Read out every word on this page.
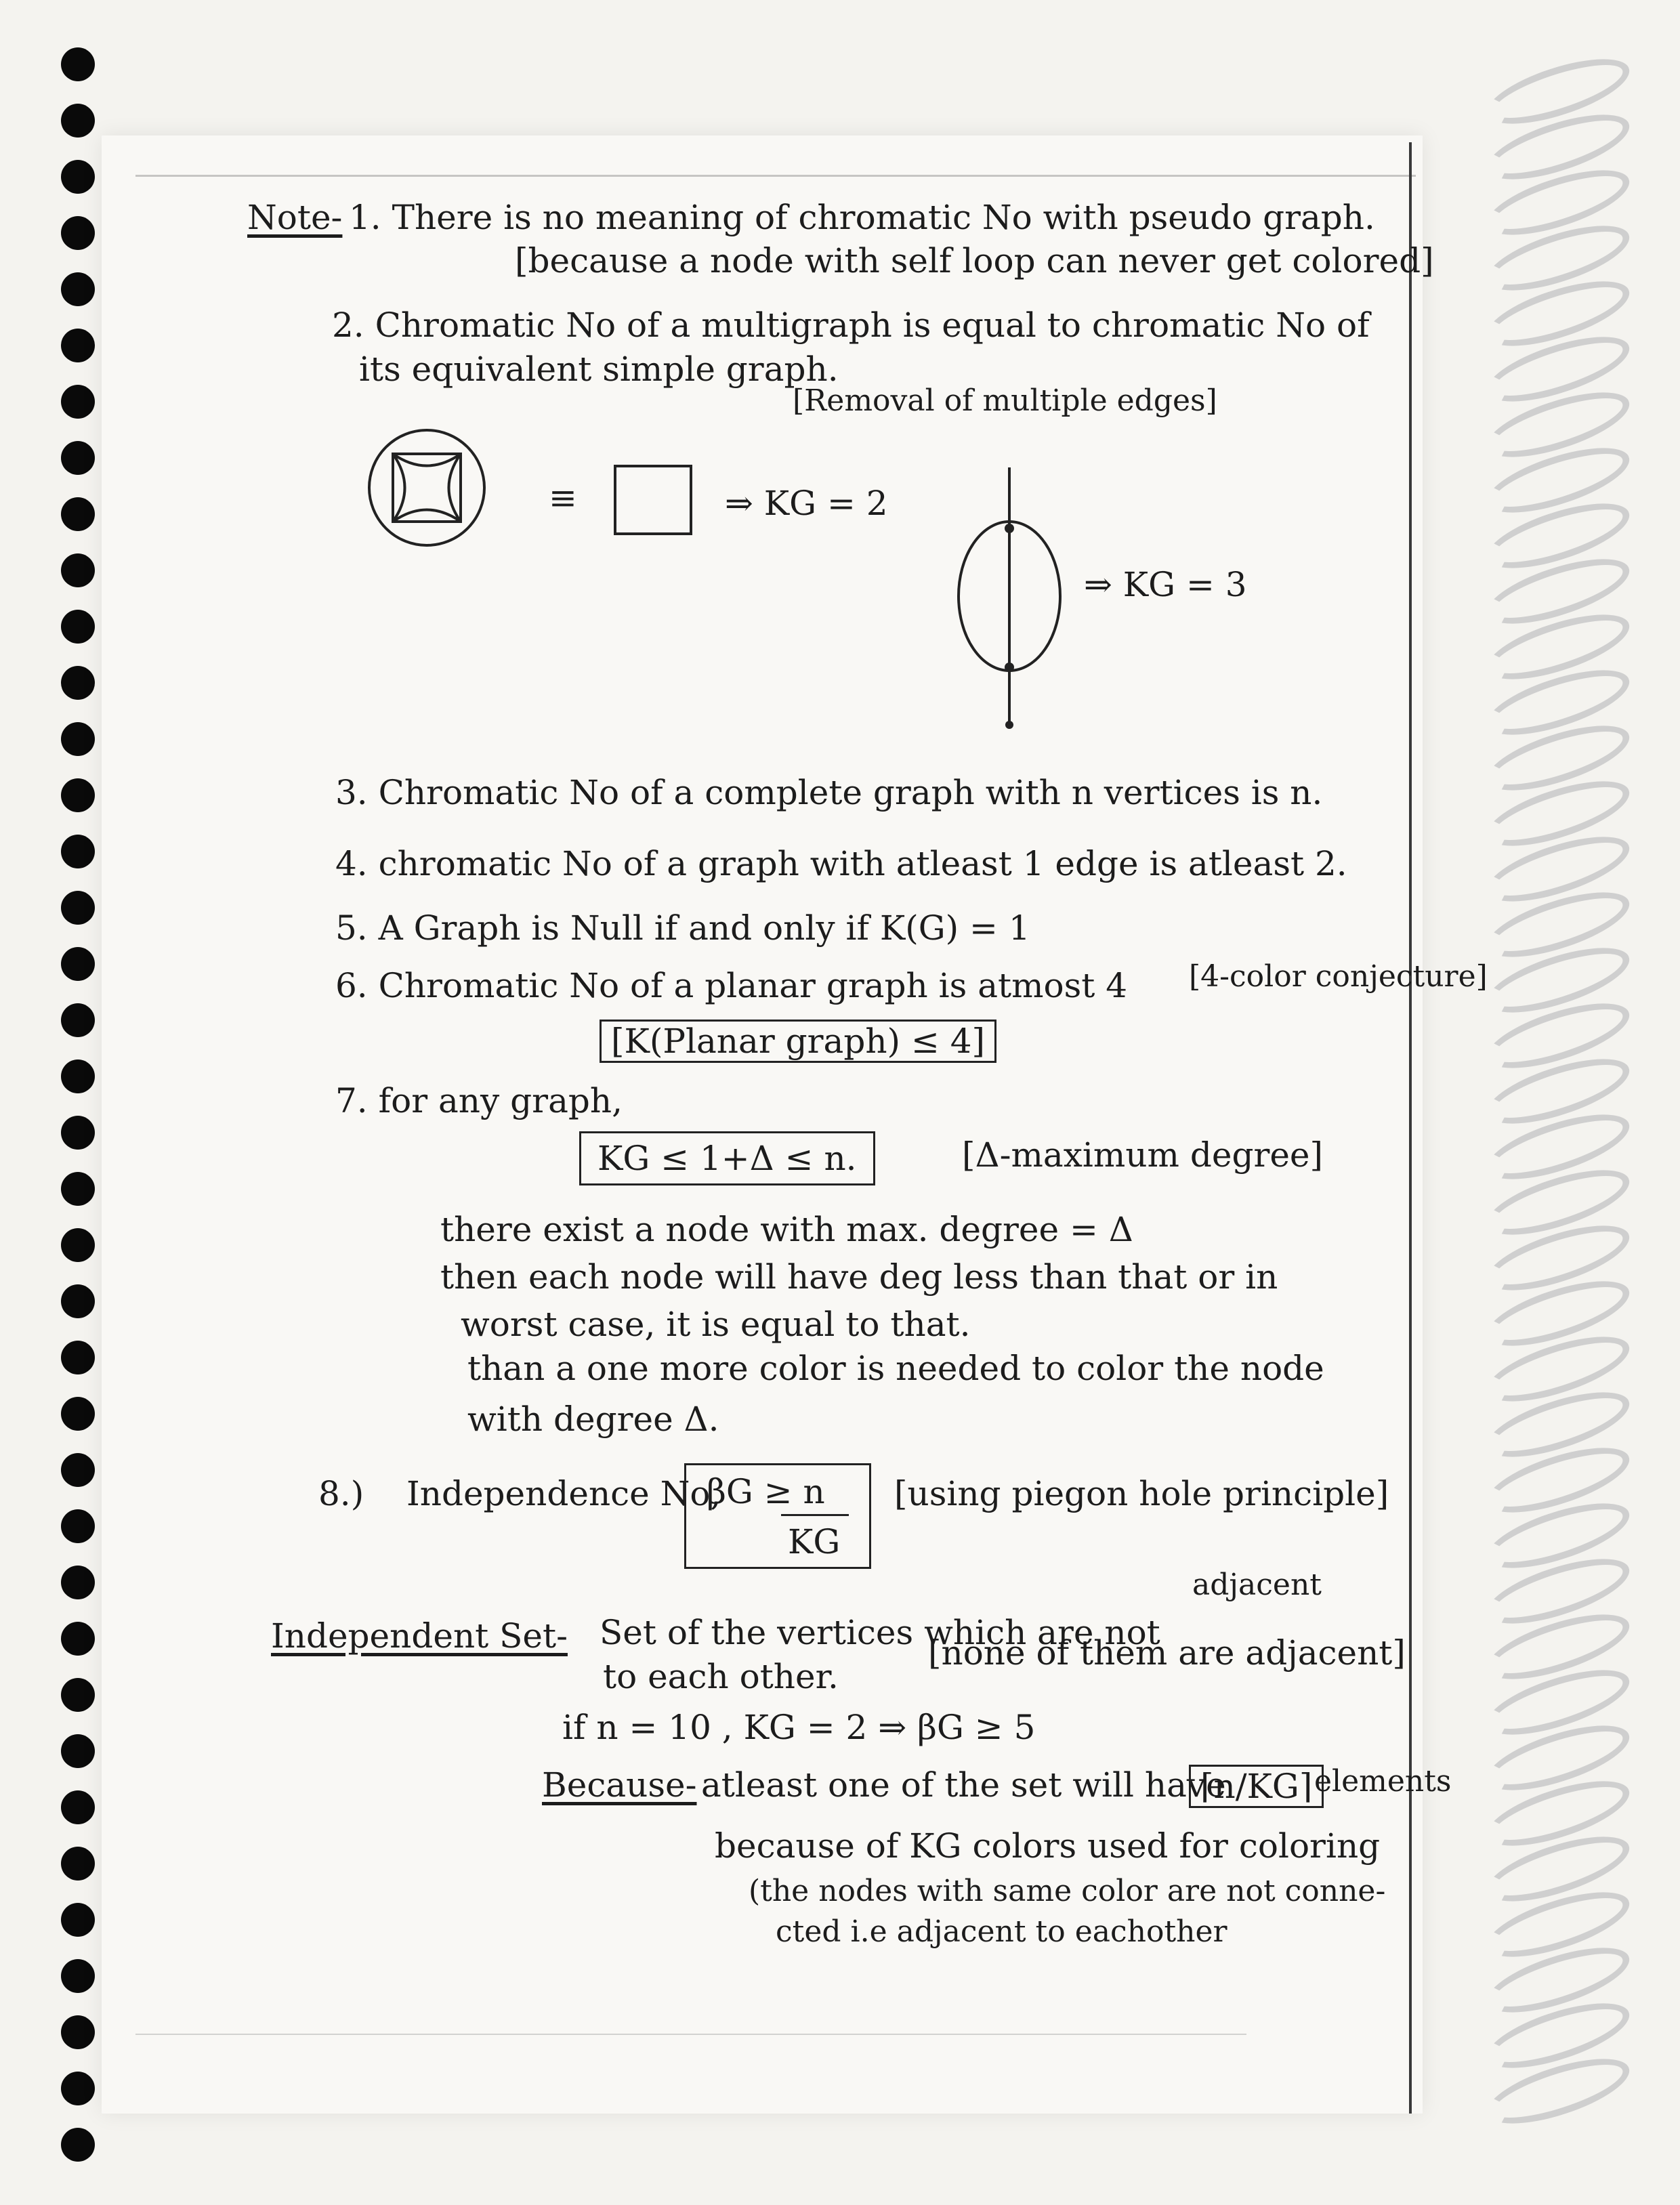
Note- 1. There is no meaning of chromatic No with pseudo graph.
[because a node with self loop can never get colored]
2. Chromatic No of a multigraph is equal to chromatic No of
its equivalent simple graph.
[Removal of multiple edges]
≡	⇒ KG = 2
⇒ KG = 3
3. Chromatic No of a complete graph with n vertices is n.
4. chromatic No of a graph with atleast 1 edge is atleast 2.
5. A Graph is Null if and only if K(G) = 1
6. Chromatic No of a planar graph is atmost 4 [4-color conjecture]
[K(Planar graph) ≤ 4]
7. for any graph,
KG ≤ 1+Δ ≤ n.	[Δ-maximum degree]
there exist a node with max. degree = Δ
then each node will have deg less than that or in
worst case, it is equal to that.
than a one more color is needed to color the node
with degree Δ.
8.) Independence No,
βG ≥ n
KG
[using piegon hole principle]
adjacent
Independent Set- Set of the vertices which are not
to each other.
[none of them are adjacent]
if n = 10 , KG = 2 ⇒ βG ≥ 5
Because- atleast one of the set will have
⌈n/KG⌉ elements
because of KG colors used for coloring
(the nodes with same color are not conne-
cted i.e adjacent to eachother
